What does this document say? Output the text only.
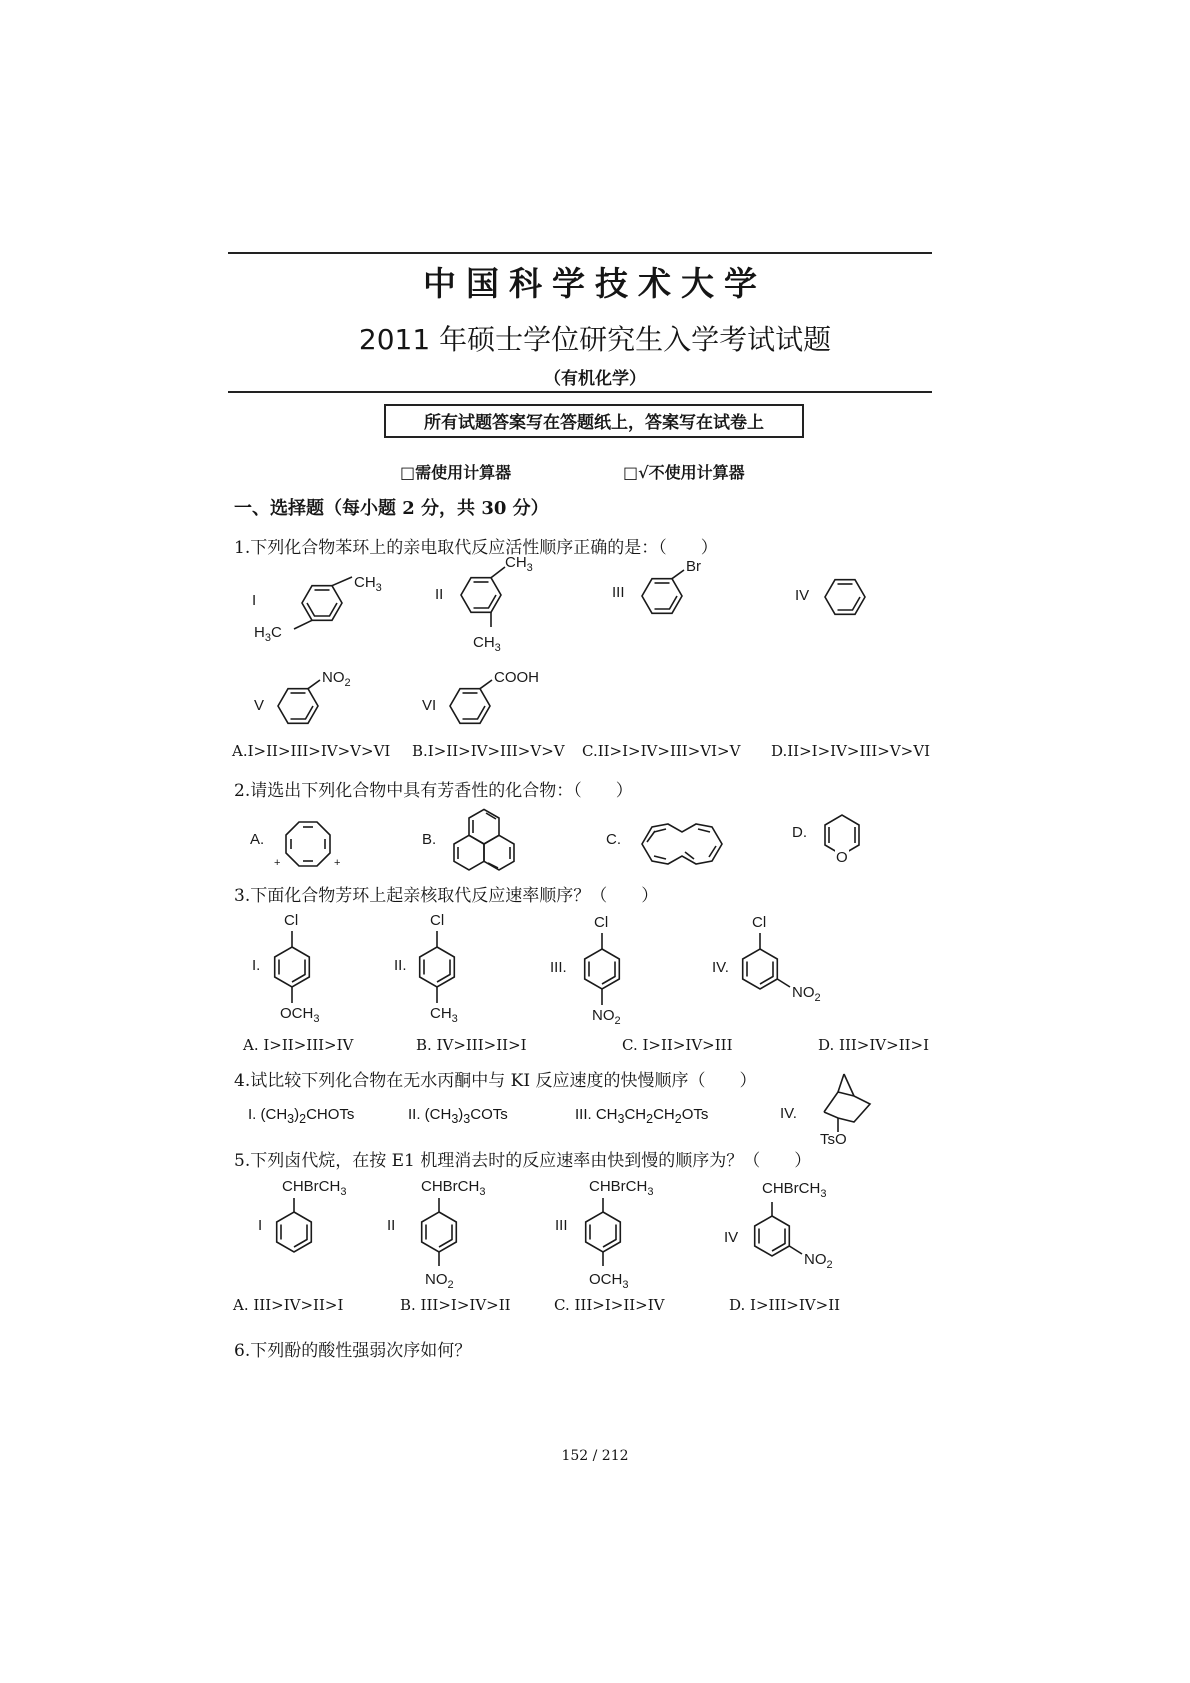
中国科学技术大学
2011 年硕士学位研究生入学考试试题
（有机化学）
所有试题答案写在答题纸上，答案写在试卷上
□需使用计算器	□√不使用计算器
一、选择题（每小题 2 分，共 30 分）
1.下列化合物苯环上的亲电取代反应活性顺序正确的是：（　　）
I
$CH_3$
$H_3C$
II
$CH_3$
$CH_3$
III
Br
IV
V
$NO_2$
VI
COOH
A.I>II>III>IV>V>VI B.I>II>IV>III>V>V C.II>I>IV>III>VI>V D.II>I>IV>III>V>VI
2.请选出下列化合物中具有芳香性的化合物：（　　）
A.
+	+
B.	C.	D.
O
3.下面化合物芳环上起亲核取代反应速率顺序？（　　）
I.
Cl
$OCH_3$
II.
Cl
$CH_3$
III.
Cl
$NO_2$
IV.
Cl
$NO_2$
A. I>II>III>IV	B. IV>III>II>I	C. I>II>IV>III	D. III>IV>II>I
4.试比较下列化合物在无水丙酮中与 KI 反应速度的快慢顺序（　　）
I. $(CH_3)_2CHOTs$	II. $(CH_3)_3COTs$	III. $CH_3CH_2CH_2OTs$	IV.
TsO
5.下列卤代烷，在按 E1 机理消去时的反应速率由快到慢的顺序为？（　　）
I
CHBrCH$_3$
II
CHBrCH$_3$
$NO_2$
III
CHBrCH$_3$
$OCH_3$
IV
CHBrCH$_3$
$NO_2$
A. III>IV>II>I	B. III>I>IV>II	C. III>I>II>IV	D. I>III>IV>II
6.下列酚的酸性强弱次序如何？
152 / 212
